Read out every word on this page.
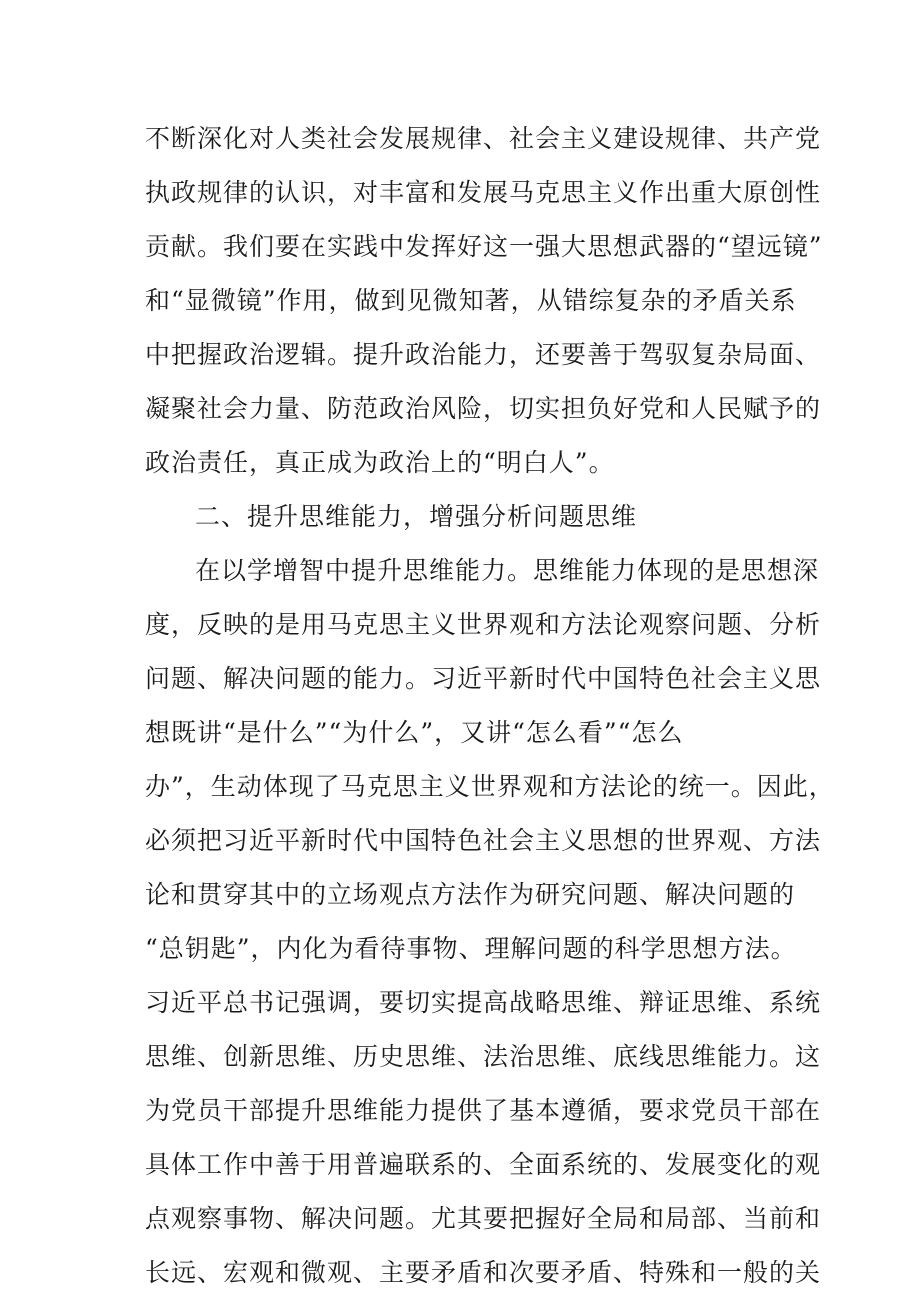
不断深化对人类社会发展规律、社会主义建设规律、共产党
执政规律的认识，对丰富和发展马克思主义作出重大原创性
贡献。我们要在实践中发挥好这一强大思想武器的“望远镜”
和“显微镜”作用，做到见微知著，从错综复杂的矛盾关系
中把握政治逻辑。提升政治能力，还要善于驾驭复杂局面、
凝聚社会力量、防范政治风险，切实担负好党和人民赋予的
政治责任，真正成为政治上的“明白人”。
二、提升思维能力，增强分析问题思维
在以学增智中提升思维能力。思维能力体现的是思想深
度，反映的是用马克思主义世界观和方法论观察问题、分析
问题、解决问题的能力。习近平新时代中国特色社会主义思
想既讲“是什么”“为什么”，又讲“怎么看”“怎么
办”，生动体现了马克思主义世界观和方法论的统一。因此，
必须把习近平新时代中国特色社会主义思想的世界观、方法
论和贯穿其中的立场观点方法作为研究问题、解决问题的
“总钥匙”，内化为看待事物、理解问题的科学思想方法。
习近平总书记强调，要切实提高战略思维、辩证思维、系统
思维、创新思维、历史思维、法治思维、底线思维能力。这
为党员干部提升思维能力提供了基本遵循，要求党员干部在
具体工作中善于用普遍联系的、全面系统的、发展变化的观
点观察事物、解决问题。尤其要把握好全局和局部、当前和
长远、宏观和微观、主要矛盾和次要矛盾、特殊和一般的关
